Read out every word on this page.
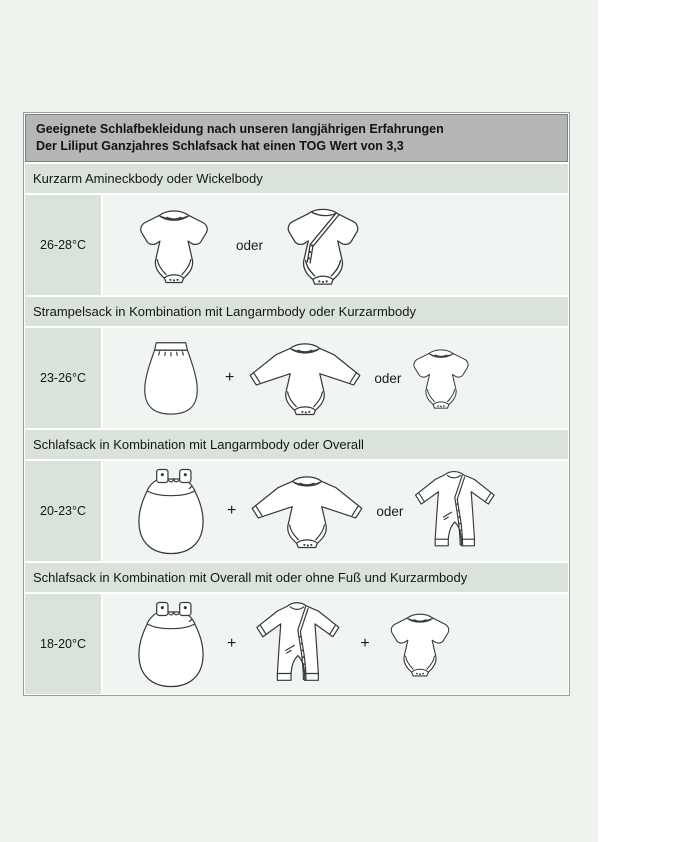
Geeignete Schlafbekleidung nach unseren langjährigen Erfahrungen
Der Liliput Ganzjahres Schlafsack hat einen TOG Wert von 3,3
Kurzarm Amineckbody oder Wickelbody
26-28°C	oder
Strampelsack in Kombination mit Langarmbody oder Kurzarmbody
23-26°C	+	oder
Schlafsack in Kombination mit Langarmbody oder Overall
20-23°C	+	oder
Schlafsack in Kombination mit Overall mit oder ohne Fuß und Kurzarmbody
18-20°C	+	+
